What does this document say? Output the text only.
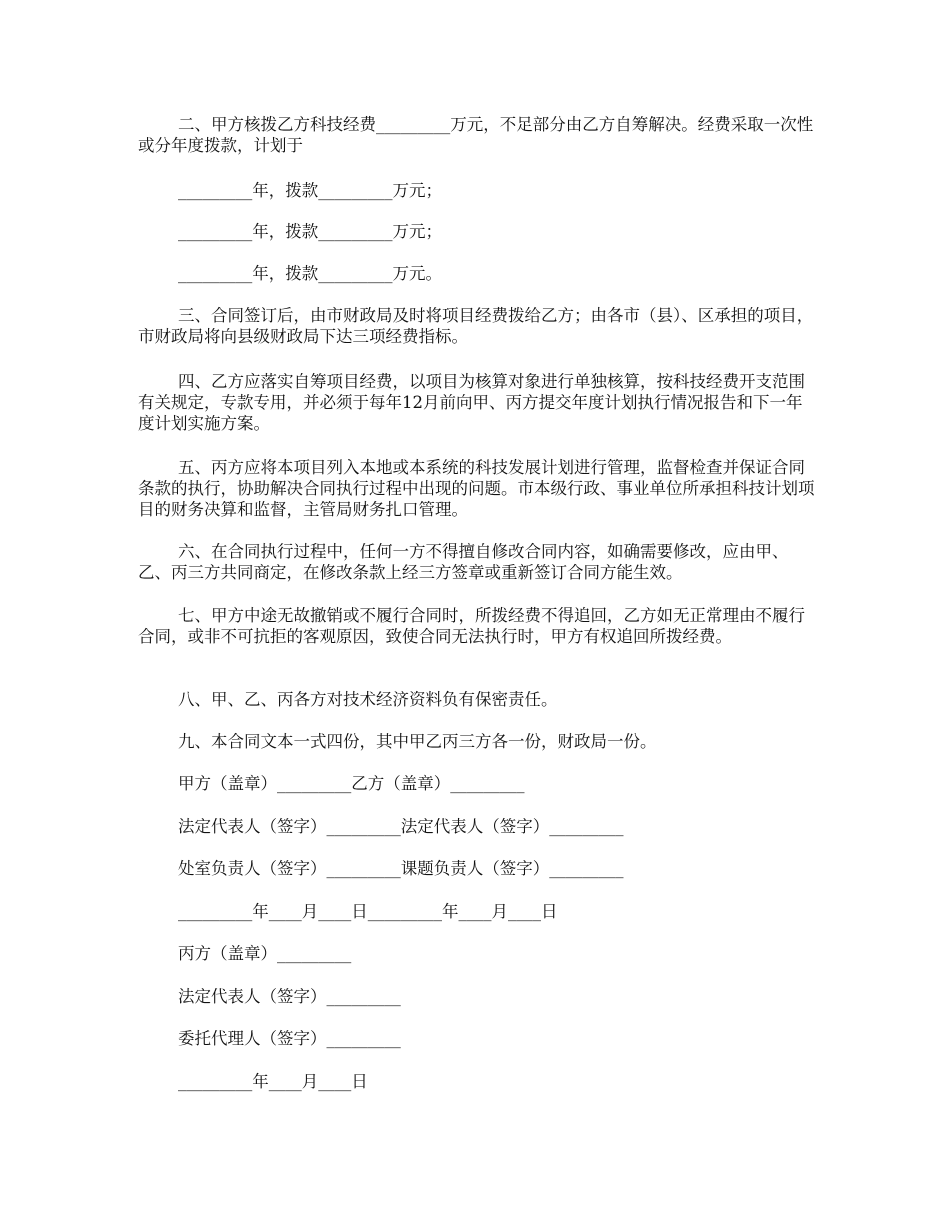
二、甲方核拨乙方科技经费_________万元，不足部分由乙方自筹解决。经费采取一次性或分年度拨款，计划于
_________年，拨款_________万元；
_________年，拨款_________万元；
_________年，拨款_________万元。
三、合同签订后，由市财政局及时将项目经费拨给乙方；由各市（县）、区承担的项目，市财政局将向县级财政局下达三项经费指标。
四、乙方应落实自筹项目经费，以项目为核算对象进行单独核算，按科技经费开支范围有关规定，专款专用，并必须于每年12月前向甲、丙方提交年度计划执行情况报告和下一年度计划实施方案。
五、丙方应将本项目列入本地或本系统的科技发展计划进行管理，监督检查并保证合同条款的执行，协助解决合同执行过程中出现的问题。市本级行政、事业单位所承担科技计划项目的财务决算和监督，主管局财务扎口管理。
六、在合同执行过程中，任何一方不得擅自修改合同内容，如确需要修改，应由甲、乙、丙三方共同商定，在修改条款上经三方签章或重新签订合同方能生效。
七、甲方中途无故撤销或不履行合同时，所拨经费不得追回，乙方如无正常理由不履行合同，或非不可抗拒的客观原因，致使合同无法执行时，甲方有权追回所拨经费。
八、甲、乙、丙各方对技术经济资料负有保密责任。
九、本合同文本一式四份，其中甲乙丙三方各一份，财政局一份。
甲方（盖章）_________乙方（盖章）_________
法定代表人（签字）_________法定代表人（签字）_________
处室负责人（签字）_________课题负责人（签字）_________
_________年____月____日_________年____月____日
丙方（盖章）_________
法定代表人（签字）_________
委托代理人（签字）_________
_________年____月____日
